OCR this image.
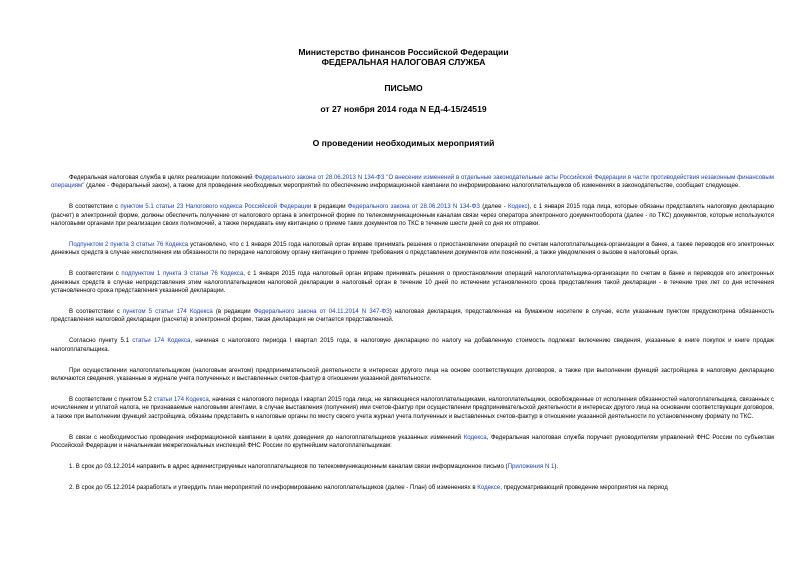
Министерство финансов Российской Федерации
ФЕДЕРАЛЬНАЯ НАЛОГОВАЯ СЛУЖБА
ПИСЬМО
от 27 ноября 2014 года N ЕД-4-15/24519
О проведении необходимых мероприятий

Федеральная налоговая служба в целях реализации положений Федерального закона от 28.06.2013 N 134-ФЗ "О внесении изменений в отдельные законодательные акты Российской Федерации в части противодействия незаконным финансовым операциям" (далее - Федеральный закон), а также для проведения необходимых мероприятий по обеспечению информационной кампании по информированию налогоплательщиков об изменениях в законодательстве, сообщает следующее.

В соответствии с пунктом 5.1 статьи 23 Налогового кодекса Российской Федерации в редакции Федерального закона от 28.06.2013 N 134-ФЗ (далее - Кодекс), с 1 января 2015 года лица, которые обязаны представлять налоговую декларацию (расчет) в электронной форме, должны обеспечить получение от налогового органа в электронной форме по телекоммуникационным каналам связи через оператора электронного документооборота (далее - по ТКС) документов, которые используются налоговыми органами при реализации своих полномочий, а также передавать ему квитанцию о приеме таких документов по ТКС в течение шести дней со дня их отправки.

Подпунктом 2 пункта 3 статьи 76 Кодекса установлено, что с 1 января 2015 года налоговый орган вправе принимать решения о приостановлении операций по счетам налогоплательщика-организации в банке, а также переводов его электронных денежных средств в случае неисполнения им обязанности по передаче налоговому органу квитанции о приеме требования о представлении документов или пояснений, а также уведомления о вызове в налоговый орган.

В соответствии с подпунктом 1 пункта 3 статьи 76 Кодекса, с 1 января 2015 года налоговый орган вправе принимать решения о приостановлении операций налогоплательщика-организации по счетам в банке и переводов его электронных денежных средств в случае непредставления этим налогоплательщиком налоговой декларации в налоговый орган в течение 10 дней по истечении установленного срока представления такой декларации - в течение трех лет со дня истечения установленного срока представления указанной декларации.

В соответствии с пунктом 5 статьи 174 Кодекса (в редакции Федерального закона от 04.11.2014 N 347-ФЗ) налоговая декларация, представленная на бумажном носителе в случае, если указанным пунктом предусмотрена обязанность представления налоговой декларации (расчета) в электронной форме, такая декларация не считается представленной.

Согласно пункту 5.1 статьи 174 Кодекса, начиная с налогового периода I квартал 2015 года, в налоговую декларацию по налогу на добавленную стоимость подлежат включению сведения, указанные в книге покупок и книге продаж налогоплательщика.

При осуществлении налогоплательщиком (налоговым агентом) предпринимательской деятельности в интересах другого лица на основе соответствующих договоров, а также при выполнении функций застройщика в налоговую декларацию включаются сведения, указанные в журнале учета полученных и выставленных счетов-фактур в отношении указанной деятельности.

В соответствии с пунктом 5.2 статьи 174 Кодекса, начиная с налогового периода I квартал 2015 года лица, не являющиеся налогоплательщиками, налогоплательщики, освобожденные от исполнения обязанностей налогоплательщика, связанных с исчислением и уплатой налога, не признаваемые налоговыми агентами, в случае выставления (получения) ими счетов-фактур при осуществлении предпринимательской деятельности в интересах другого лица на основании соответствующих договоров, а также при выполнении функций застройщика, обязаны представить в налоговые органы по месту своего учета журнал учета полученных и выставленных счетов-фактур в отношении указанной деятельности по установленному формату по ТКС.

В связи с необходимостью проведения информационной кампании в целях доведения до налогоплательщиков указанных изменений Кодекса, Федеральная налоговая служба поручает руководителям управлений ФНС России по субъектам Российской Федерации и начальникам межрегиональных инспекций ФНС России по крупнейшим налогоплательщикам:

1. В срок до 03.12.2014 направить в адрес администрируемых налогоплательщиков по телекоммуникационным каналам связи информационное письмо (Приложения N 1).

2. В срок до 05.12.2014 разработать и утвердить план мероприятий по информированию налогоплательщиков (далее - План) об изменениях в Кодексе, предусматривающий проведение мероприятия на период
